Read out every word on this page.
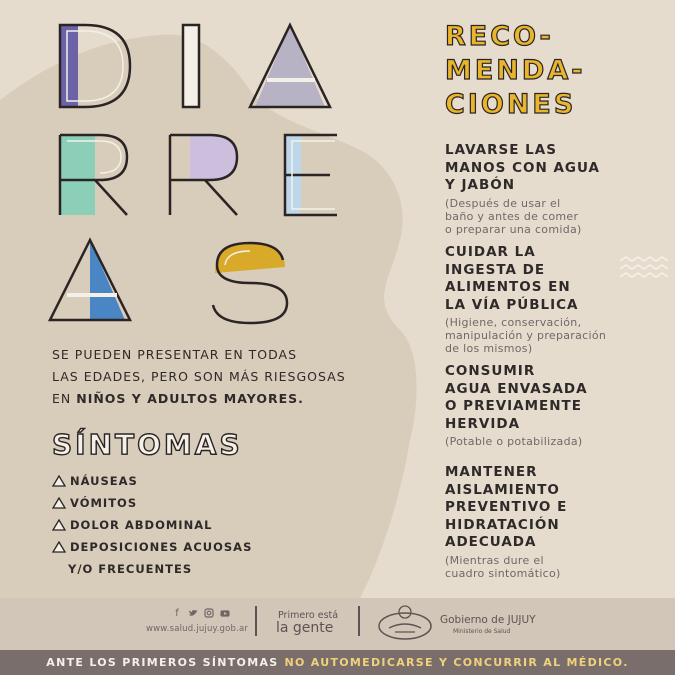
SE PUEDEN PRESENTAR EN TODAS
LAS EDADES, PERO SON MÁS RIESGOSAS
EN NIÑOS Y ADULTOS MAYORES.
SÍNTOMAS
NÁUSEAS
VÓMITOS
DOLOR ABDOMINAL
DEPOSICIONES ACUOSAS
Y/O FRECUENTES
RECO-
MENDA-
CIONES
LAVARSE LAS
MANOS CON AGUA
Y JABÓN
(Después de usar el
baño y antes de comer
o preparar una comida)
CUIDAR LA
INGESTA DE
ALIMENTOS EN
LA VÍA PÚBLICA
(Higiene, conservación,
manipulación y preparación
de los mismos)
CONSUMIR
AGUA ENVASADA
O PREVIAMENTE
HERVIDA
(Potable o potabilizada)
MANTENER
AISLAMIENTO
PREVENTIVO E
HIDRATACIÓN
ADECUADA
(Mientras dure el
cuadro sintomático)
f
www.salud.jujuy.gob.ar
Primero está
la gente	Gobierno de JUJUY
Ministerio de Salud
ANTE LOS PRIMEROS SÍNTOMAS NO AUTOMEDICARSE Y CONCURRIR AL MÉDICO.
